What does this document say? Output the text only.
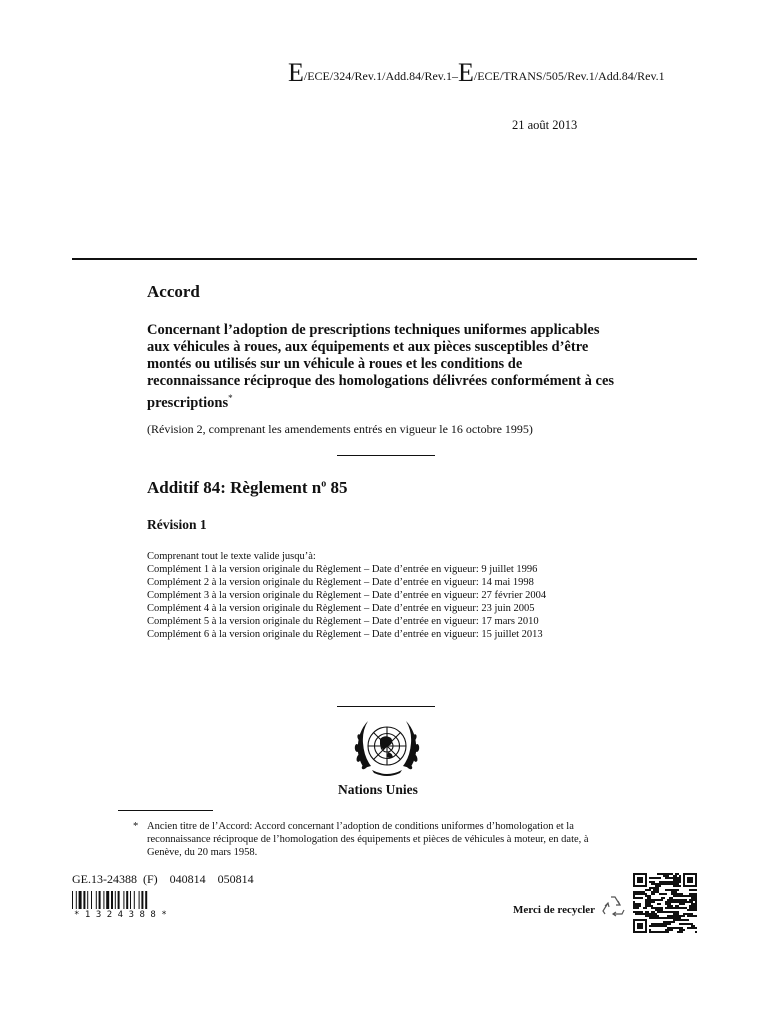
E/ECE/324/Rev.1/Add.84/Rev.1–E/ECE/TRANS/505/Rev.1/Add.84/Rev.1
21 août 2013
Accord
Concernant l’adoption de prescriptions techniques uniformes applicables aux véhicules à roues, aux équipements et aux pièces susceptibles d’être montés ou utilisés sur un véhicule à roues et les conditions de reconnaissance réciproque des homologations délivrées conformément à ces prescriptions*
(Révision 2, comprenant les amendements entrés en vigueur le 16 octobre 1995)
Additif 84: Règlement $n^o$ 85
Révision 1
Comprenant tout le texte valide jusqu’à:
Complément 1 à la version originale du Règlement – Date d’entrée en vigueur: 9 juillet 1996
Complément 2 à la version originale du Règlement – Date d’entrée en vigueur: 14 mai 1998
Complément 3 à la version originale du Règlement – Date d’entrée en vigueur: 27 février 2004
Complément 4 à la version originale du Règlement – Date d’entrée en vigueur: 23 juin 2005
Complément 5 à la version originale du Règlement – Date d’entrée en vigueur: 17 mars 2010
Complément 6 à la version originale du Règlement – Date d’entrée en vigueur: 15 juillet 2013
Nations Unies
* Ancien titre de l’Accord: Accord concernant l’adoption de conditions uniformes d’homologation et la reconnaissance réciproque de l’homologation des équipements et pièces de véhicules à moteur, en date, à Genève, du 20 mars 1958.
GE.13-24388  (F)    040814    050814
*1324388*	Merci de recycler
